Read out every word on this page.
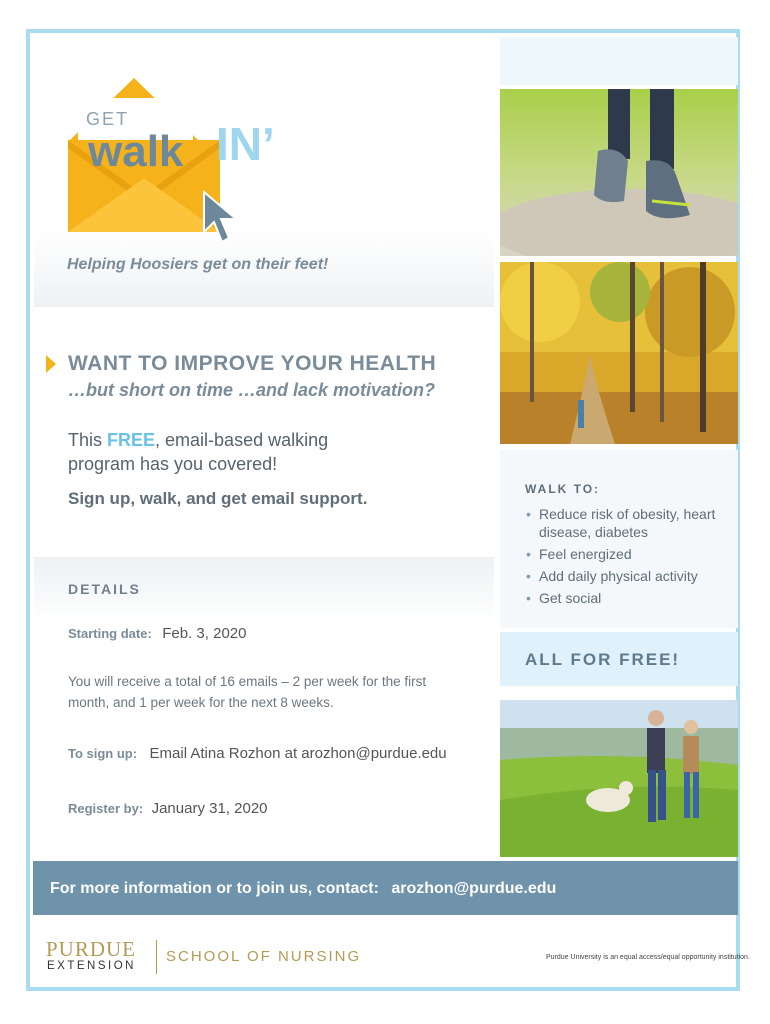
GET
walk IN’
Helping Hoosiers get on their feet!
WALK TO:
• Reduce risk of obesity, heart disease, diabetes
• Feel energized
• Add daily physical activity
• Get social
ALL FOR FREE!
WANT TO IMPROVE YOUR HEALTH
…but short on time …and lack motivation?
This FREE, email-based walking program has you covered!
Sign up, walk, and get email support.
DETAILS
Starting date: Feb. 3, 2020
You will receive a total of 16 emails – 2 per week for the first month, and 1 per week for the next 8 weeks.
To sign up: Email Atina Rozhon at arozhon@purdue.edu
Register by: January 31, 2020
For more information or to join us, contact: arozhon@purdue.edu
PURDUE
EXTENSION
SCHOOL OF NURSING	Purdue University is an equal access/equal opportunity institution.
